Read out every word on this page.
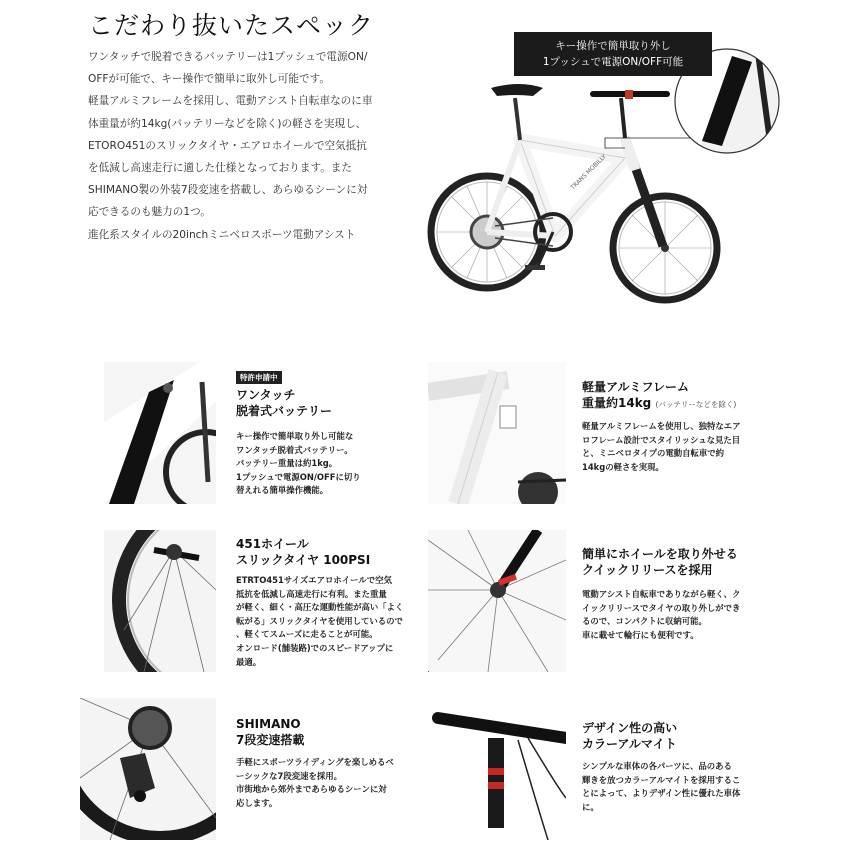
こだわり抜いたスペック

ワンタッチで脱着できるバッテリーは1プッシュで電源ON/

OFFが可能で、キー操作で簡単に取外し可能です。

軽量アルミフレームを採用し、電動アシスト自転車なのに車

体重量が約14kg(バッテリーなどを除く)の軽さを実現し、

ETORO451のスリックタイヤ・エアロホイールで空気抵抗

を低減し高速走行に適した仕様となっております。また

SHIMANO製の外装7段変速を搭載し、あらゆるシーンに対

応できるのも魅力の1つ。

進化系スタイルの20inchミニベロスポーツ電動アシスト

TRANS MOBILLY
キー操作で簡単取り外し
1プッシュで電源ON/OFF可能
特許申請中
ワンタッチ
脱着式バッテリー
キー操作で簡単取り外し可能な
ワンタッチ脱着式バッテリー。
バッテリー重量は約1kg。
1プッシュで電源ON/OFFに切り
替えれる簡単操作機能。
軽量アルミフレーム
重量約14kg (バッテリーなどを除く)
軽量アルミフレームを使用し、独特なエア
ロフレーム設計でスタイリッシュな見た目
と、ミニベロタイプの電動自転車で約
14kgの軽さを実現。
451ホイール
スリックタイヤ 100PSI
ETRTO451サイズエアロホイールで空気
抵抗を低減し高速走行に有利。また重量
が軽く、細く・高圧な運動性能が高い「よく
転がる」スリックタイヤを使用しているので
、軽くてスムーズに走ることが可能。
オンロード(舗装路)でのスピードアップに
最適。
簡単にホイールを取り外せる
クイックリリースを採用
電動アシスト自転車でありながら軽く、ク
イックリリースでタイヤの取り外しができ
るので、コンパクトに収納可能。
車に載せて輪行にも便利です。
SHIMANO
7段変速搭載
手軽にスポーツライディングを楽しめるベ
ーシックな7段変速を採用。
市街地から郊外まであらゆるシーンに対
応します。
デザイン性の高い
カラーアルマイト
シンプルな車体の各パーツに、品のある
輝きを放つカラーアルマイトを採用するこ
とによって、よりデザイン性に優れた車体
に。
